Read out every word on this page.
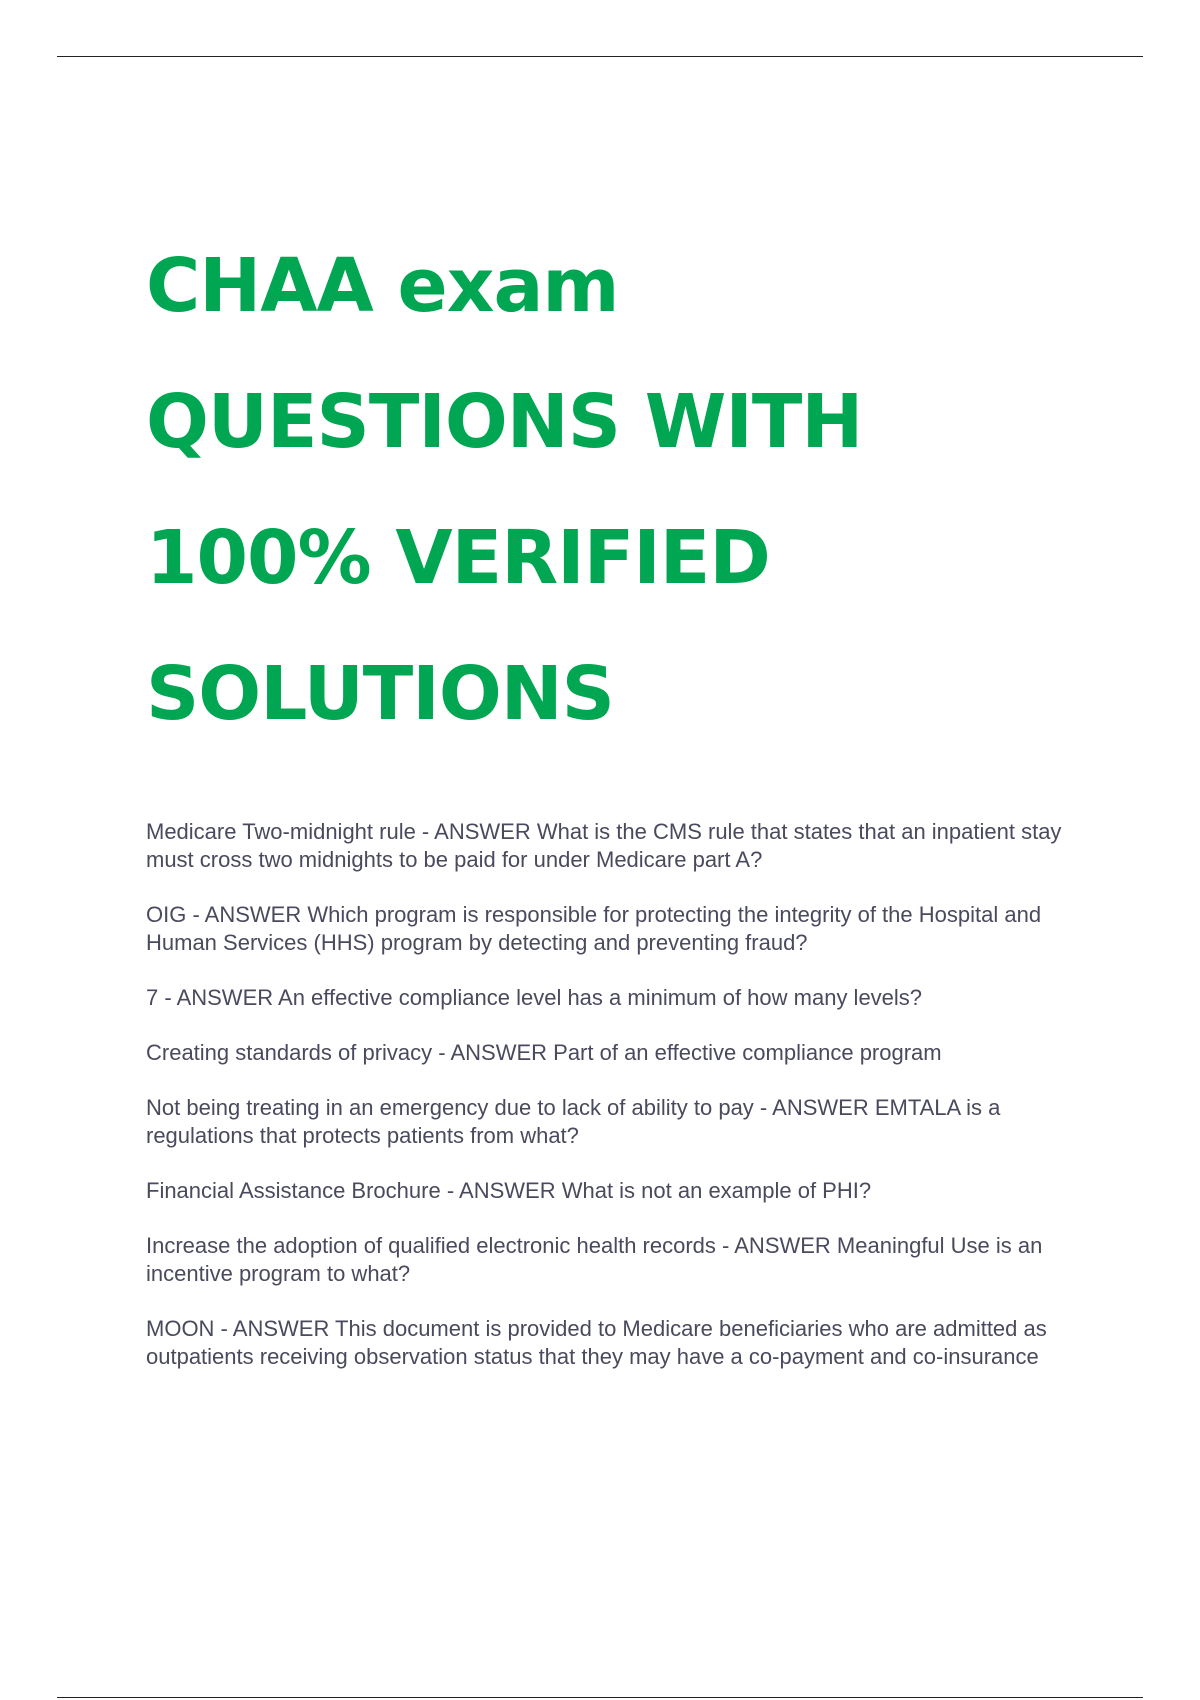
CHAA exam
QUESTIONS WITH
100% VERIFIED
SOLUTIONS
Medicare Two-midnight rule - ANSWER What is the CMS rule that states that an inpatient stay must cross two midnights to be paid for under Medicare part A?
OIG - ANSWER Which program is responsible for protecting the integrity of the Hospital and Human Services (HHS) program by detecting and preventing fraud?
7 - ANSWER An effective compliance level has a minimum of how many levels?
Creating standards of privacy - ANSWER Part of an effective compliance program
Not being treating in an emergency due to lack of ability to pay - ANSWER EMTALA is a regulations that protects patients from what?
Financial Assistance Brochure - ANSWER What is not an example of PHI?
Increase the adoption of qualified electronic health records - ANSWER Meaningful Use is an incentive program to what?
MOON - ANSWER This document is provided to Medicare beneficiaries who are admitted as outpatients receiving observation status that they may have a co-payment and co-insurance
